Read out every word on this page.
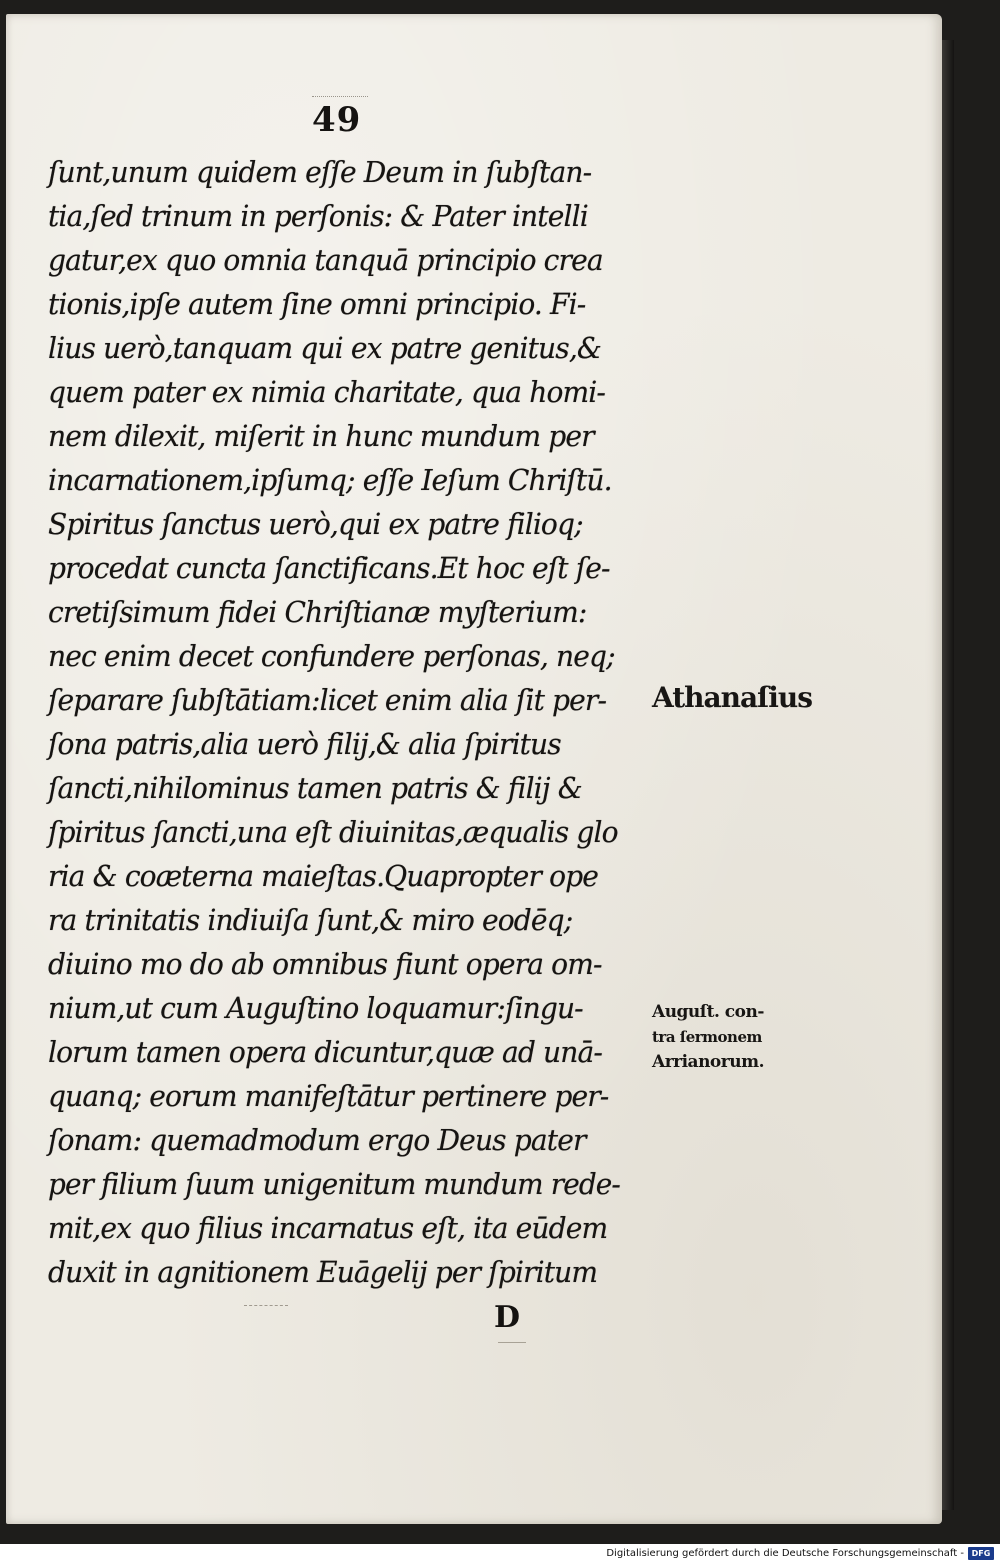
49
ſunt,unum quidem eſſe Deum in ſubſtan-
tia,ſed trinum in perſonis: & Pater intelli
gatur,ex quo omnia tanquā principio crea
tionis,ipſe autem ſine omni principio. Fi-
lius uerò,tanquam qui ex patre genitus,&
quem pater ex nimia charitate, qua homi-
nem dilexit, miſerit in hunc mundum per
incarnationem,ipſumq; eſſe Ieſum Chriſtū.
Spiritus ſanctus uerò,qui ex patre filioq;
procedat cuncta ſanctificans.Et hoc eſt ſe-
cretiſsimum fidei Chriſtianæ myſterium:
nec enim decet confundere perſonas, neq;
ſeparare ſubſtātiam:licet enim alia ſit per-
ſona patris,alia uerò filij,& alia ſpiritus
ſancti,nihilominus tamen patris & filij &
ſpiritus ſancti,una eſt diuinitas,æqualis glo
ria & coæterna maieſtas.Quapropter ope
ra trinitatis indiuiſa ſunt,& miro eodēq;
diuino mo do ab omnibus fiunt opera om-
nium,ut cum Auguſtino loquamur:ſingu-
lorum tamen opera dicuntur,quæ ad unā-
quanq; eorum manifeſtātur pertinere per-
ſonam: quemadmodum ergo Deus pater
per filium ſuum unigenitum mundum rede-
mit,ex quo filius incarnatus eſt, ita eūdem
duxit in agnitionem Euāgelij per ſpiritum
Athanaſius
Auguſt. con-
tra ſermonem
Arrianorum.
D
Digitalisierung gefördert durch die Deutsche Forschungsgemeinschaft - DFG
